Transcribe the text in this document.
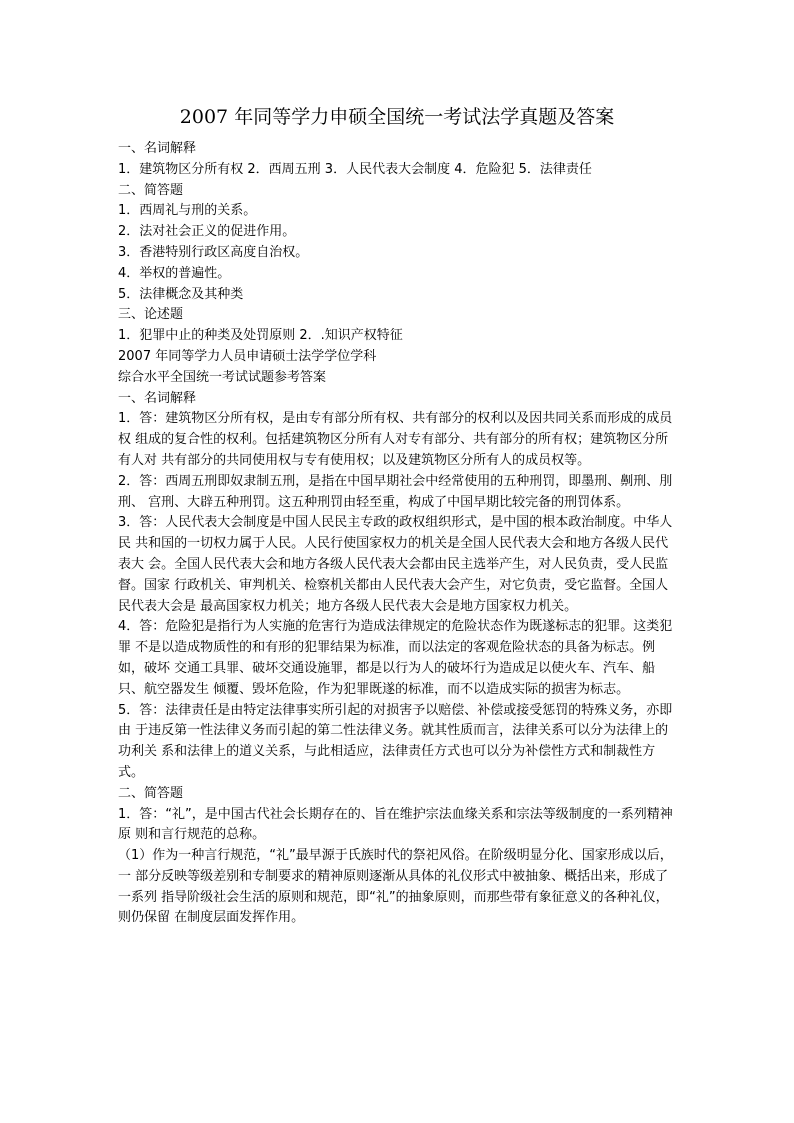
2007 年同等学力申硕全国统一考试法学真题及答案
一、名词解释
1．建筑物区分所有权 2．西周五刑 3．人民代表大会制度 4．危险犯 5．法律责任
二、简答题
1．西周礼与刑的关系。
2．法对社会正义的促进作用。
3．香港特别行政区高度自治权。
4．举权的普遍性。
5．法律概念及其种类
三、论述题
1．犯罪中止的种类及处罚原则 2．.知识产权特征
2007 年同等学力人员申请硕士法学学位学科
综合水平全国统一考试试题参考答案
一、名词解释
1．答：建筑物区分所有权，是由专有部分所有权、共有部分的权利以及因共同关系而形成的成员权 组成的复合性的权利。包括建筑物区分所有人对专有部分、共有部分的所有权；建筑物区分所有人对 共有部分的共同使用权与专有使用权；以及建筑物区分所有人的成员权等。
2．答：西周五刑即奴隶制五刑，是指在中国早期社会中经常使用的五种刑罚，即墨刑、劓刑、刖刑、 宫刑、大辟五种刑罚。这五种刑罚由轻至重，构成了中国早期比较完备的刑罚体系。
3．答：人民代表大会制度是中国人民民主专政的政权组织形式，是中国的根本政治制度。中华人民 共和国的一切权力属于人民。人民行使国家权力的机关是全国人民代表大会和地方各级人民代表大 会。全国人民代表大会和地方各级人民代表大会都由民主选举产生，对人民负责，受人民监督。国家 行政机关、审判机关、检察机关都由人民代表大会产生，对它负责，受它监督。全国人民代表大会是 最高国家权力机关；地方各级人民代表大会是地方国家权力机关。
4．答：危险犯是指行为人实施的危害行为造成法律规定的危险状态作为既遂标志的犯罪。这类犯罪 不是以造成物质性的和有形的犯罪结果为标准，而以法定的客观危险状态的具备为标志。例如，破坏 交通工具罪、破坏交通设施罪，都是以行为人的破坏行为造成足以使火车、汽车、船只、航空器发生 倾覆、毁坏危险，作为犯罪既遂的标准，而不以造成实际的损害为标志。
5．答：法律责任是由特定法律事实所引起的对损害予以赔偿、补偿或接受惩罚的特殊义务，亦即由 于违反第一性法律义务而引起的第二性法律义务。就其性质而言，法律关系可以分为法律上的功利关 系和法律上的道义关系，与此相适应，法律责任方式也可以分为补偿性方式和制裁性方式。
二、简答题
1．答：“礼”，是中国古代社会长期存在的、旨在维护宗法血缘关系和宗法等级制度的一系列精神原 则和言行规范的总称。
（1）作为一种言行规范，“礼”最早源于氏族时代的祭祀风俗。在阶级明显分化、国家形成以后，一 部分反映等级差别和专制要求的精神原则逐渐从具体的礼仪形式中被抽象、概括出来，形成了一系列 指导阶级社会生活的原则和规范，即“礼”的抽象原则，而那些带有象征意义的各种礼仪，则仍保留 在制度层面发挥作用。
